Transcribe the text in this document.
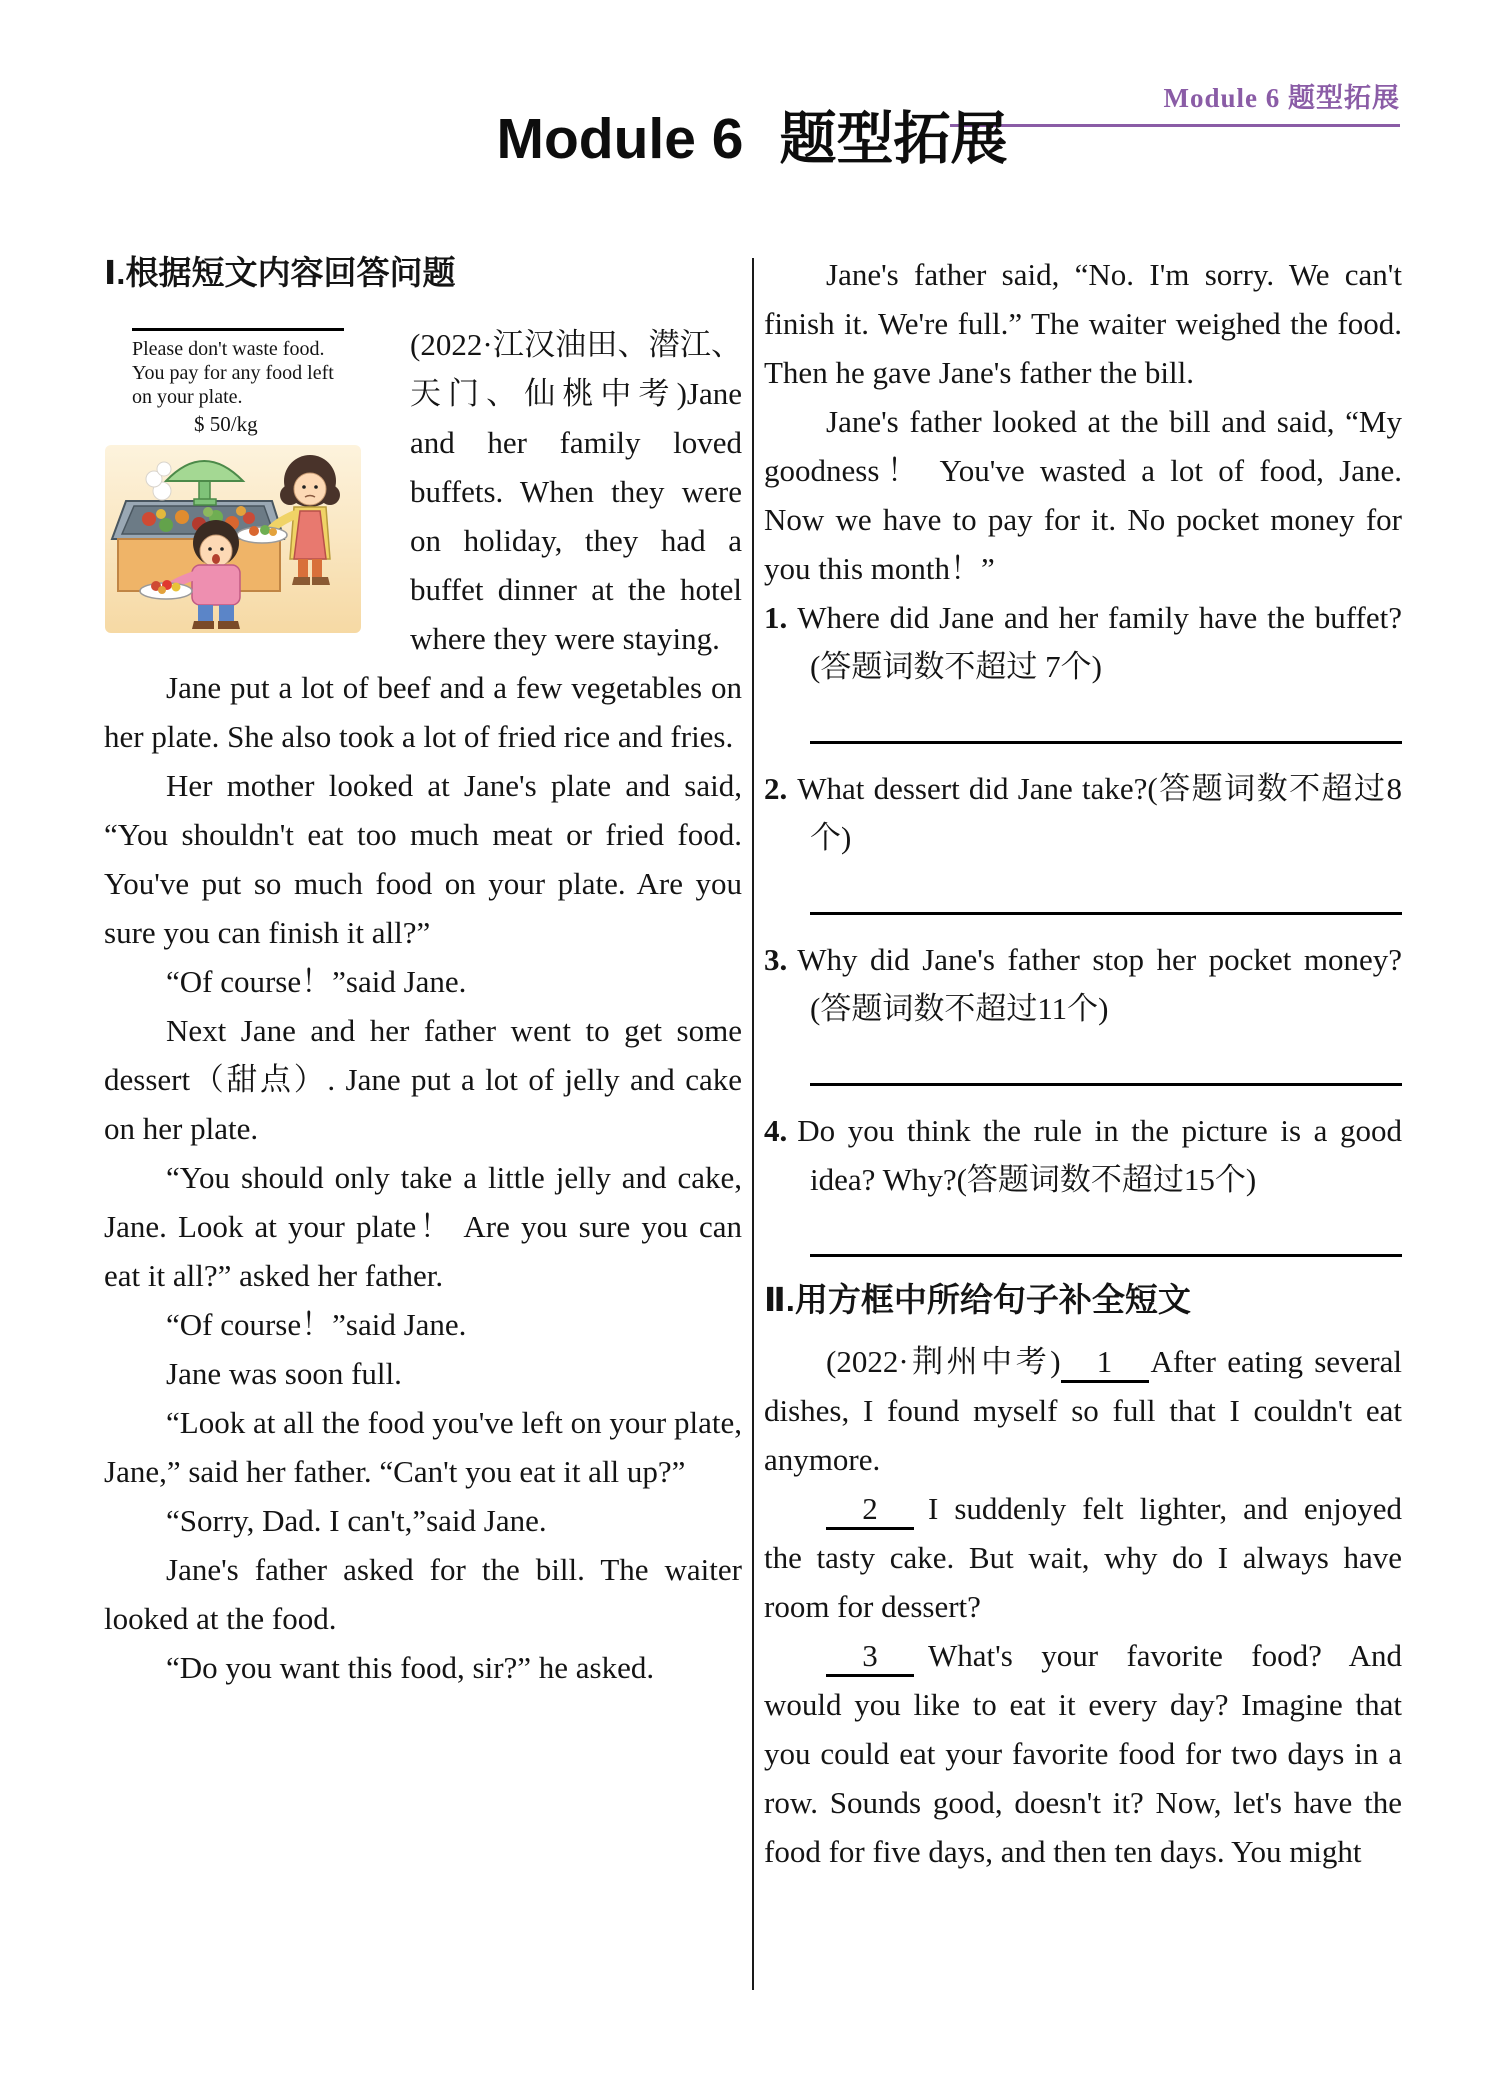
Module 6 题型拓展
Module 6 题型拓展
Ⅰ.根据短文内容回答问题
Please don't waste food.
You pay for any food left
on your plate.
$ 50/kg

(2022·江汉油田、潜江、天门、仙桃中考)Jane and her family loved buffets. When they were on holiday, they had a buffet dinner at the hotel where they were staying.

Jane put a lot of beef and a few vegetables on her plate. She also took a lot of fried rice and fries.

Her mother looked at Jane's plate and said, “You shouldn't eat too much meat or fried food. You've put so much food on your plate. Are you sure you can finish it all?”

“Of course！”said Jane.

Next Jane and her father went to get some dessert（甜点）. Jane put a lot of jelly and cake on her plate.

“You should only take a little jelly and cake, Jane. Look at your plate！ Are you sure you can eat it all?” asked her father.

“Of course！”said Jane.

Jane was soon full.

“Look at all the food you've left on your plate, Jane,” said her father. “Can't you eat it all up?”

“Sorry, Dad. I can't,”said Jane.

Jane's father asked for the bill. The waiter looked at the food.

“Do you want this food, sir?” he asked.

Jane's father said, “No. I'm sorry. We can't finish it. We're full.” The waiter weighed the food. Then he gave Jane's father the bill.

Jane's father looked at the bill and said, “My goodness！ You've wasted a lot of food, Jane. Now we have to pay for it. No pocket money for you this month！”

1. Where did Jane and her family have the buffet?(答题词数不超过 7个)
2. What dessert did Jane take?(答题词数不超过8个)
3. Why did Jane's father stop her pocket money?(答题词数不超过11个)
4. Do you think the rule in the picture is a good idea? Why?(答题词数不超过15个)
Ⅱ.用方框中所给句子补全短文

(2022·荆州中考) 1 After eating several dishes, I found myself so full that I couldn't eat anymore.

2 I suddenly felt lighter, and enjoyed the tasty cake. But wait, why do I always have room for dessert?

3 What's your favorite food? And would you like to eat it every day? Imagine that you could eat your favorite food for two days in a row. Sounds good, doesn't it? Now, let's have the food for five days, and then ten days. You might
